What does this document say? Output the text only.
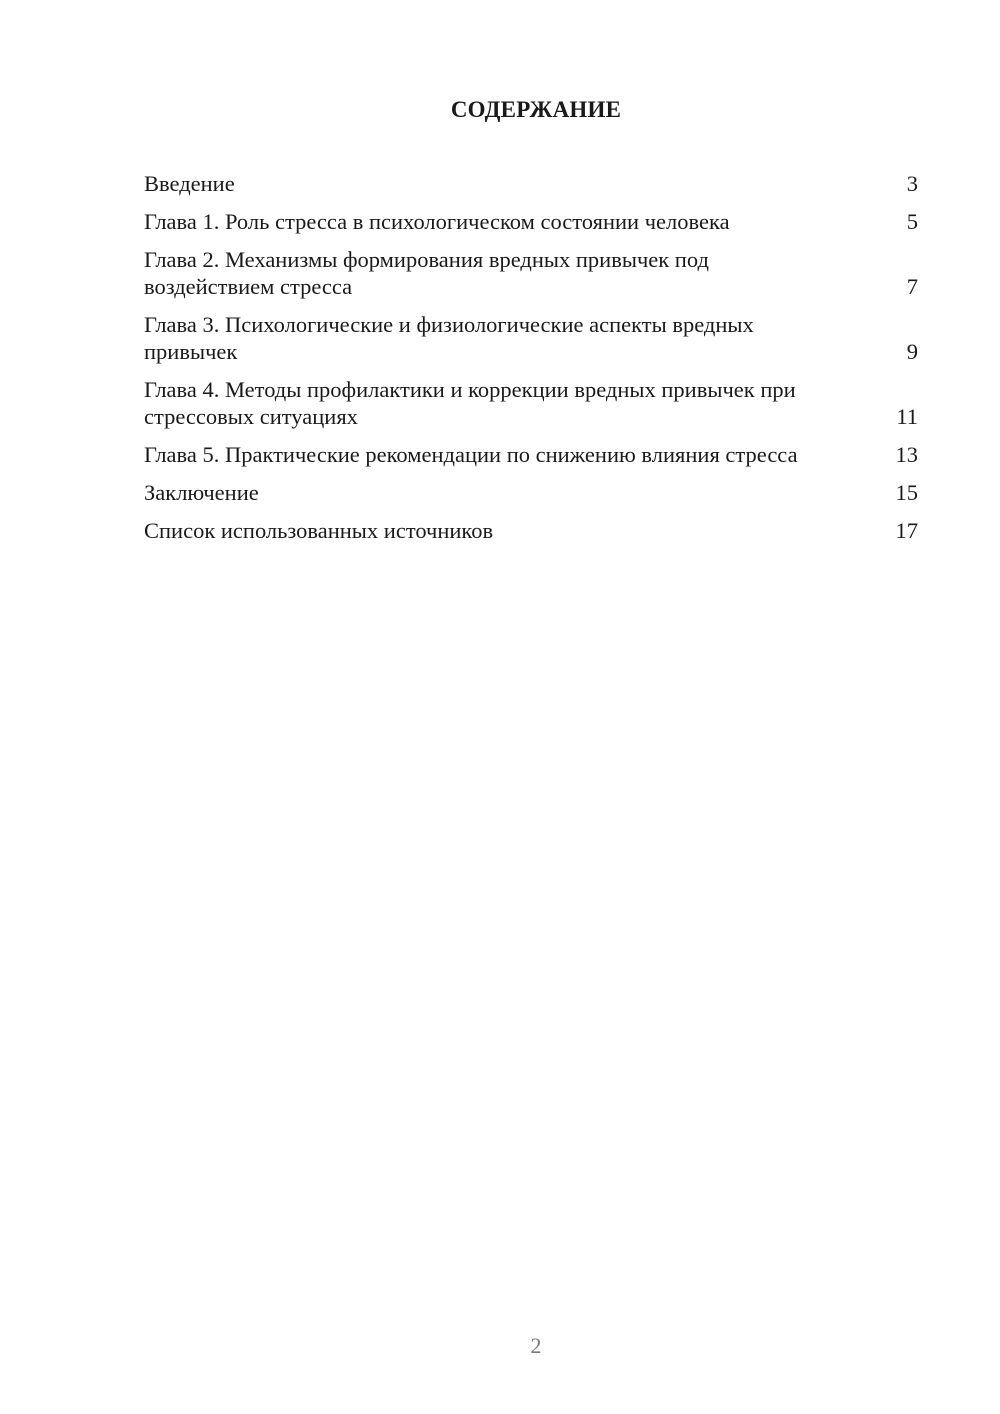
СОДЕРЖАНИЕ
Введение	3
Глава 1. Роль стресса в психологическом состоянии человека	5
Глава 2. Механизмы формирования вредных привычек под воздействием стресса	7
Глава 3. Психологические и физиологические аспекты вредных привычек	9
Глава 4. Методы профилактики и коррекции вредных привычек при стрессовых ситуациях	11
Глава 5. Практические рекомендации по снижению влияния стресса	13
Заключение	15
Список использованных источников	17
2
